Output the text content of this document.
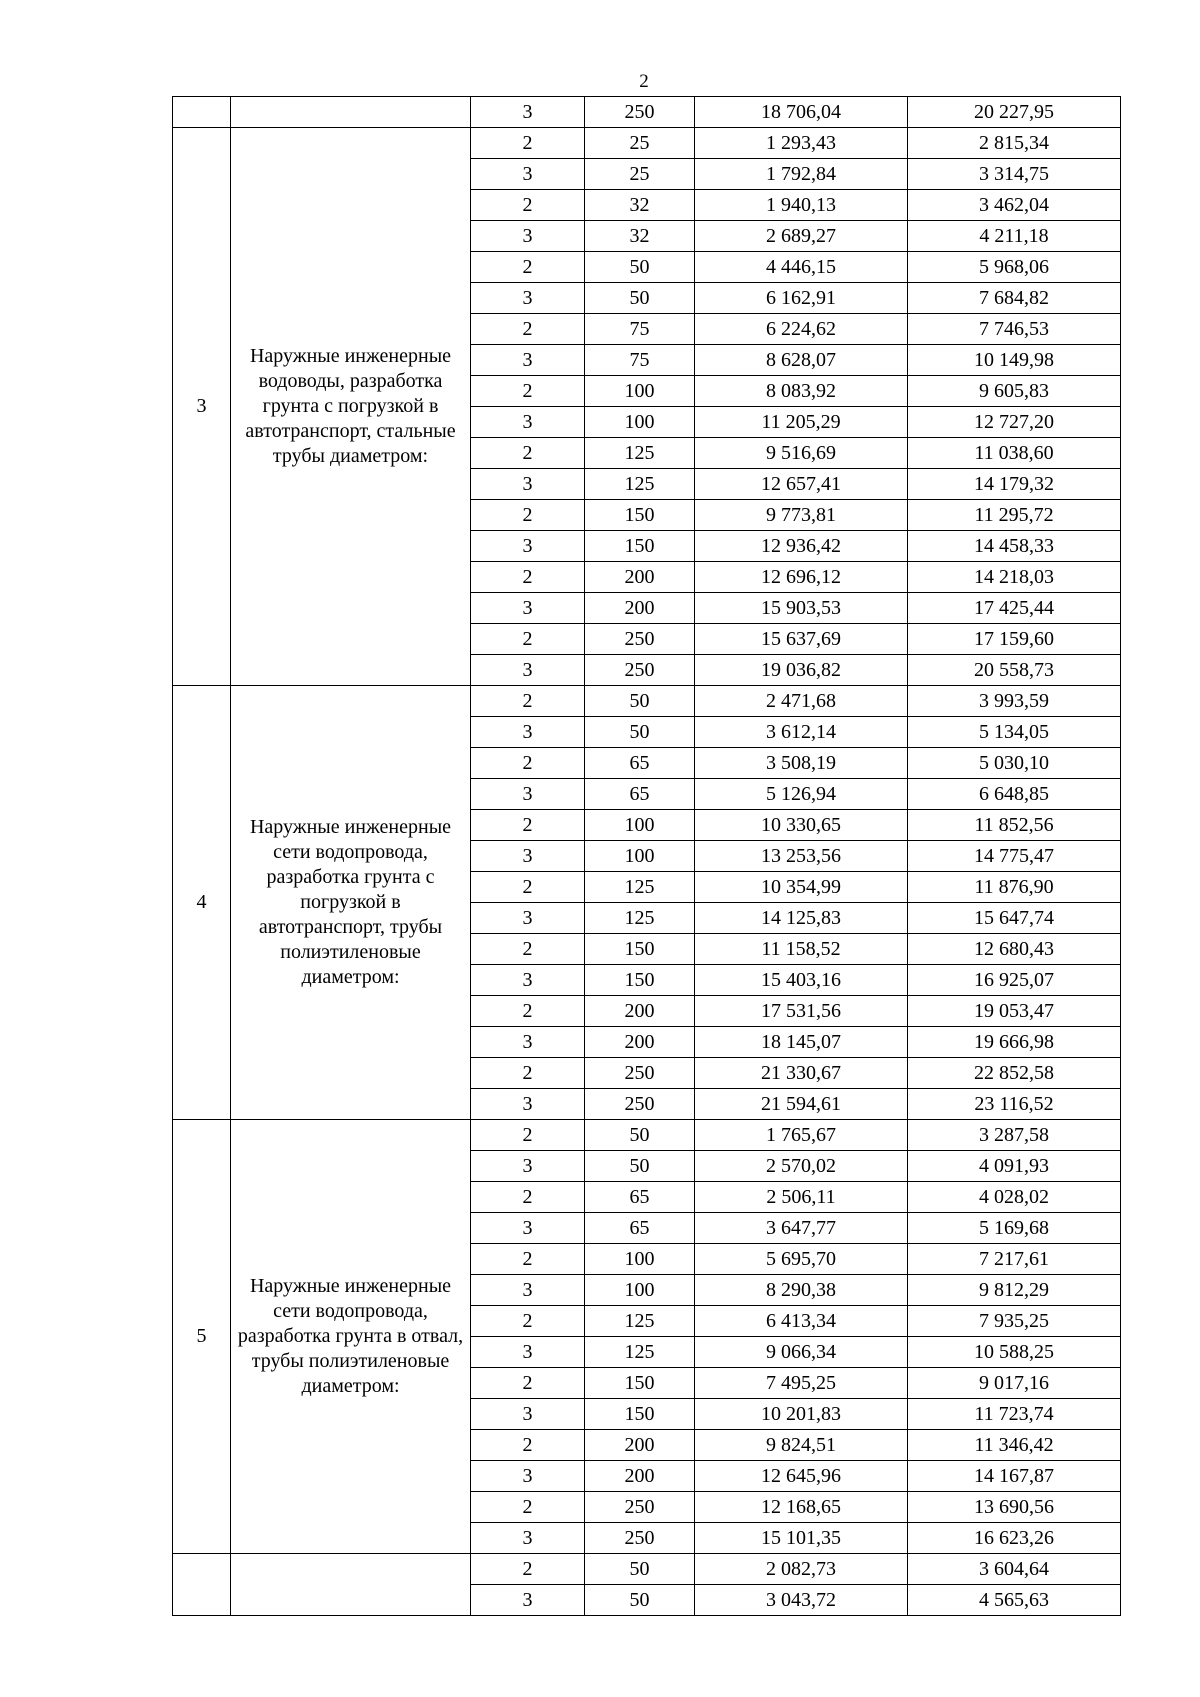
2
		3	250	18 706,04	20 227,95
3	Наружные инженерные водоводы, разработка грунта с погрузкой в автотранспорт, стальные трубы диаметром:	2	25	1 293,43	2 815,34
		3	25	1 792,84	3 314,75
		2	32	1 940,13	3 462,04
		3	32	2 689,27	4 211,18
		2	50	4 446,15	5 968,06
		3	50	6 162,91	7 684,82
		2	75	6 224,62	7 746,53
		3	75	8 628,07	10 149,98
		2	100	8 083,92	9 605,83
		3	100	11 205,29	12 727,20
		2	125	9 516,69	11 038,60
		3	125	12 657,41	14 179,32
		2	150	9 773,81	11 295,72
		3	150	12 936,42	14 458,33
		2	200	12 696,12	14 218,03
		3	200	15 903,53	17 425,44
		2	250	15 637,69	17 159,60
		3	250	19 036,82	20 558,73
4	Наружные инженерные сети водопровода, разработка грунта с погрузкой в автотранспорт, трубы полиэтиленовые диаметром:	2	50	2 471,68	3 993,59
		3	50	3 612,14	5 134,05
		2	65	3 508,19	5 030,10
		3	65	5 126,94	6 648,85
		2	100	10 330,65	11 852,56
		3	100	13 253,56	14 775,47
		2	125	10 354,99	11 876,90
		3	125	14 125,83	15 647,74
		2	150	11 158,52	12 680,43
		3	150	15 403,16	16 925,07
		2	200	17 531,56	19 053,47
		3	200	18 145,07	19 666,98
		2	250	21 330,67	22 852,58
		3	250	21 594,61	23 116,52
5	Наружные инженерные сети водопровода, разработка грунта в отвал, трубы полиэтиленовые диаметром:	2	50	1 765,67	3 287,58
		3	50	2 570,02	4 091,93
		2	65	2 506,11	4 028,02
		3	65	3 647,77	5 169,68
		2	100	5 695,70	7 217,61
		3	100	8 290,38	9 812,29
		2	125	6 413,34	7 935,25
		3	125	9 066,34	10 588,25
		2	150	7 495,25	9 017,16
		3	150	10 201,83	11 723,74
		2	200	9 824,51	11 346,42
		3	200	12 645,96	14 167,87
		2	250	12 168,65	13 690,56
		3	250	15 101,35	16 623,26
		2	50	2 082,73	3 604,64
		3	50	3 043,72	4 565,63
